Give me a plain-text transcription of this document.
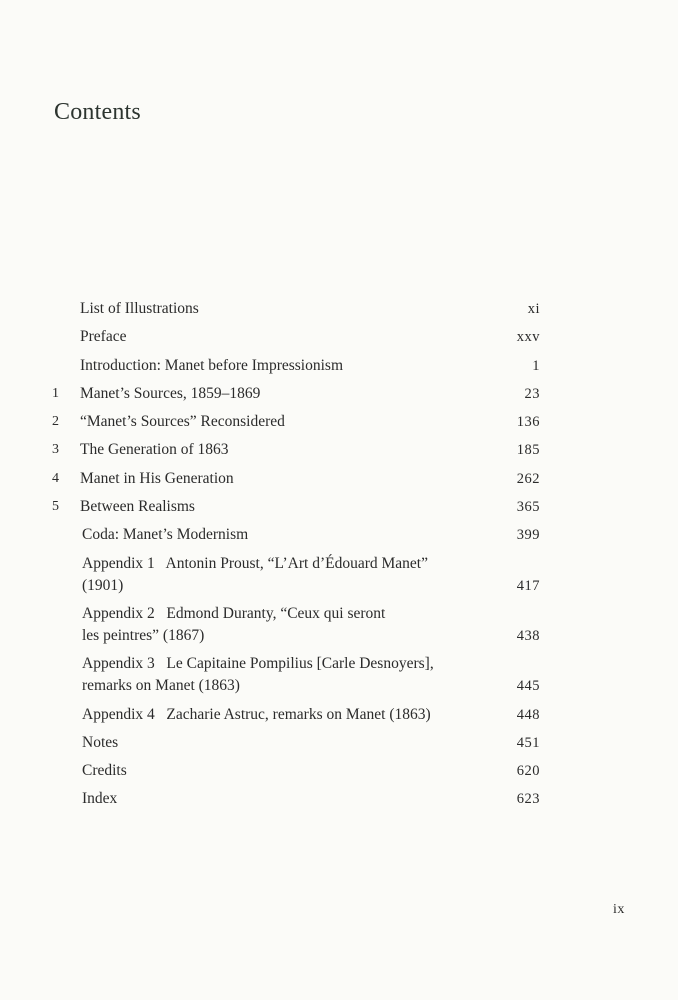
Contents
List of Illustrations	xi
Preface	xxv
Introduction: Manet before Impressionism	1
1	Manet’s Sources, 1859–1869	23
2	“Manet’s Sources” Reconsidered	136
3	The Generation of 1863	185
4	Manet in His Generation	262
5	Between Realisms	365
Coda: Manet’s Modernism	399
Appendix 1   Antonin Proust, “L’Art d’Édouard Manet”
(1901)	417
Appendix 2   Edmond Duranty, “Ceux qui seront
les peintres” (1867)	438
Appendix 3   Le Capitaine Pompilius [Carle Desnoyers],
remarks on Manet (1863)	445
Appendix 4   Zacharie Astruc, remarks on Manet (1863)	448
Notes	451
Credits	620
Index	623
ix
